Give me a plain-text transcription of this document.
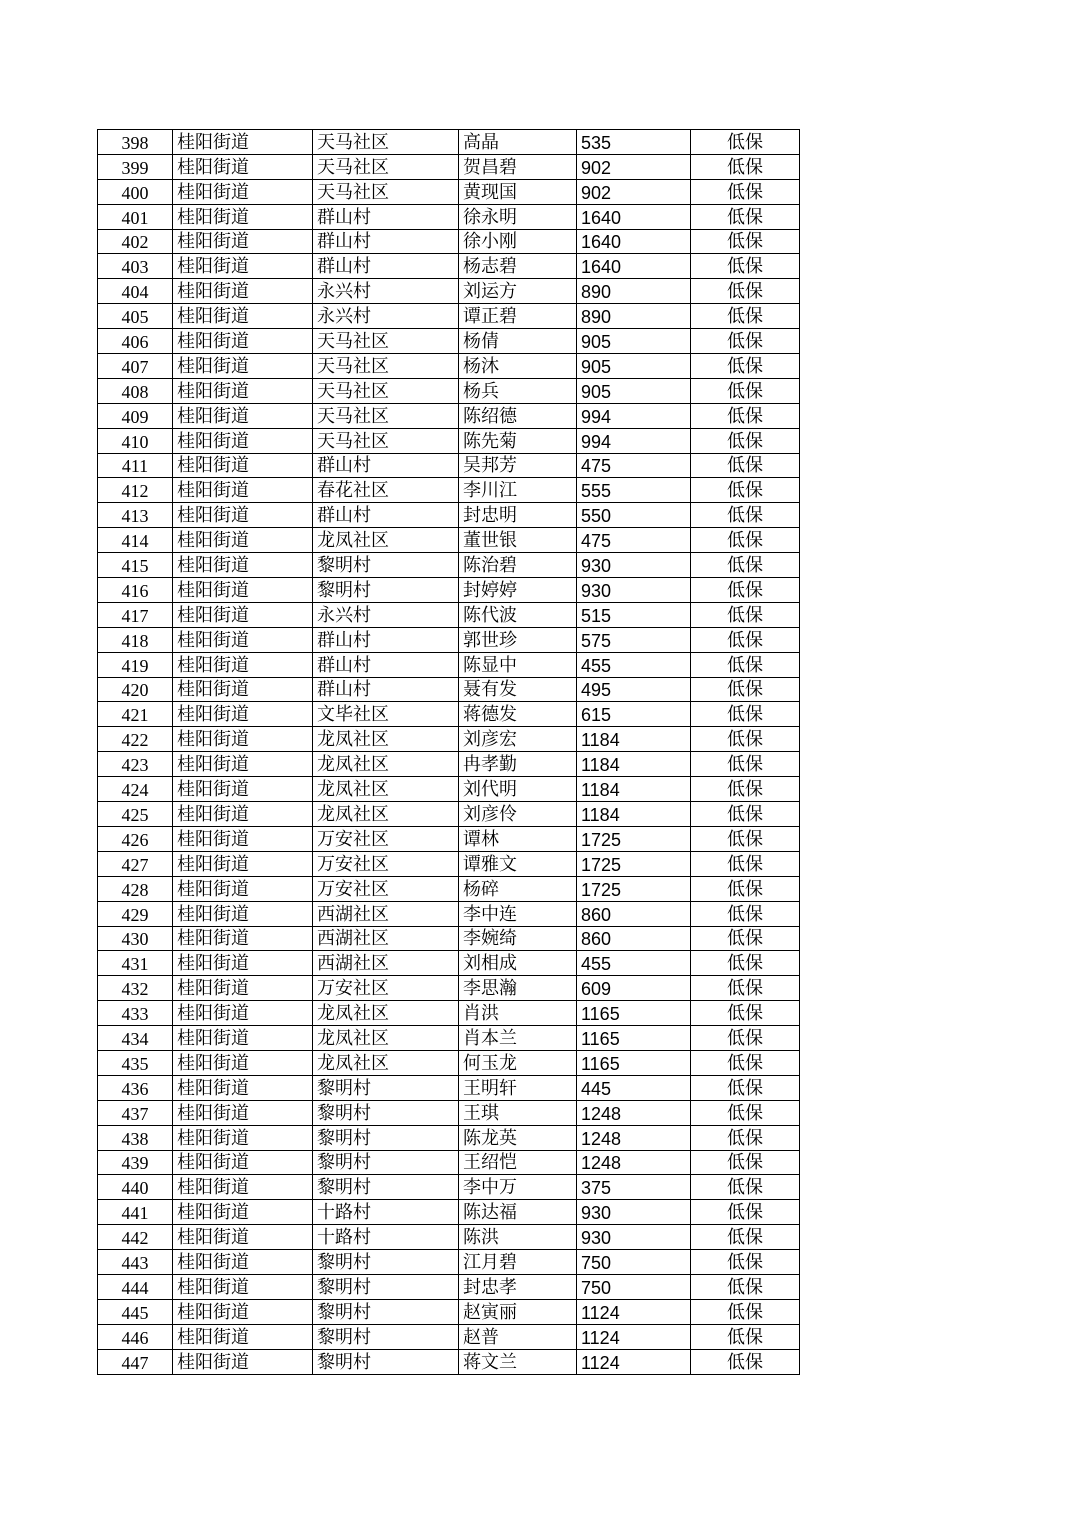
398	桂阳街道	天马社区	高晶	535	低保
399	桂阳街道	天马社区	贺昌碧	902	低保
400	桂阳街道	天马社区	黄现国	902	低保
401	桂阳街道	群山村	徐永明	1640	低保
402	桂阳街道	群山村	徐小刚	1640	低保
403	桂阳街道	群山村	杨志碧	1640	低保
404	桂阳街道	永兴村	刘运方	890	低保
405	桂阳街道	永兴村	谭正碧	890	低保
406	桂阳街道	天马社区	杨倩	905	低保
407	桂阳街道	天马社区	杨沐	905	低保
408	桂阳街道	天马社区	杨兵	905	低保
409	桂阳街道	天马社区	陈绍德	994	低保
410	桂阳街道	天马社区	陈先菊	994	低保
411	桂阳街道	群山村	吴邦芳	475	低保
412	桂阳街道	春花社区	李川江	555	低保
413	桂阳街道	群山村	封忠明	550	低保
414	桂阳街道	龙凤社区	董世银	475	低保
415	桂阳街道	黎明村	陈治碧	930	低保
416	桂阳街道	黎明村	封婷婷	930	低保
417	桂阳街道	永兴村	陈代波	515	低保
418	桂阳街道	群山村	郭世珍	575	低保
419	桂阳街道	群山村	陈显中	455	低保
420	桂阳街道	群山村	聂有发	495	低保
421	桂阳街道	文毕社区	蒋德发	615	低保
422	桂阳街道	龙凤社区	刘彦宏	1184	低保
423	桂阳街道	龙凤社区	冉孝勤	1184	低保
424	桂阳街道	龙凤社区	刘代明	1184	低保
425	桂阳街道	龙凤社区	刘彦伶	1184	低保
426	桂阳街道	万安社区	谭林	1725	低保
427	桂阳街道	万安社区	谭雅文	1725	低保
428	桂阳街道	万安社区	杨碎	1725	低保
429	桂阳街道	西湖社区	李中连	860	低保
430	桂阳街道	西湖社区	李婉绮	860	低保
431	桂阳街道	西湖社区	刘相成	455	低保
432	桂阳街道	万安社区	李思瀚	609	低保
433	桂阳街道	龙凤社区	肖洪	1165	低保
434	桂阳街道	龙凤社区	肖本兰	1165	低保
435	桂阳街道	龙凤社区	何玉龙	1165	低保
436	桂阳街道	黎明村	王明轩	445	低保
437	桂阳街道	黎明村	王琪	1248	低保
438	桂阳街道	黎明村	陈龙英	1248	低保
439	桂阳街道	黎明村	王绍恺	1248	低保
440	桂阳街道	黎明村	李中万	375	低保
441	桂阳街道	十路村	陈达福	930	低保
442	桂阳街道	十路村	陈洪	930	低保
443	桂阳街道	黎明村	江月碧	750	低保
444	桂阳街道	黎明村	封忠孝	750	低保
445	桂阳街道	黎明村	赵寅丽	1124	低保
446	桂阳街道	黎明村	赵普	1124	低保
447	桂阳街道	黎明村	蒋文兰	1124	低保
